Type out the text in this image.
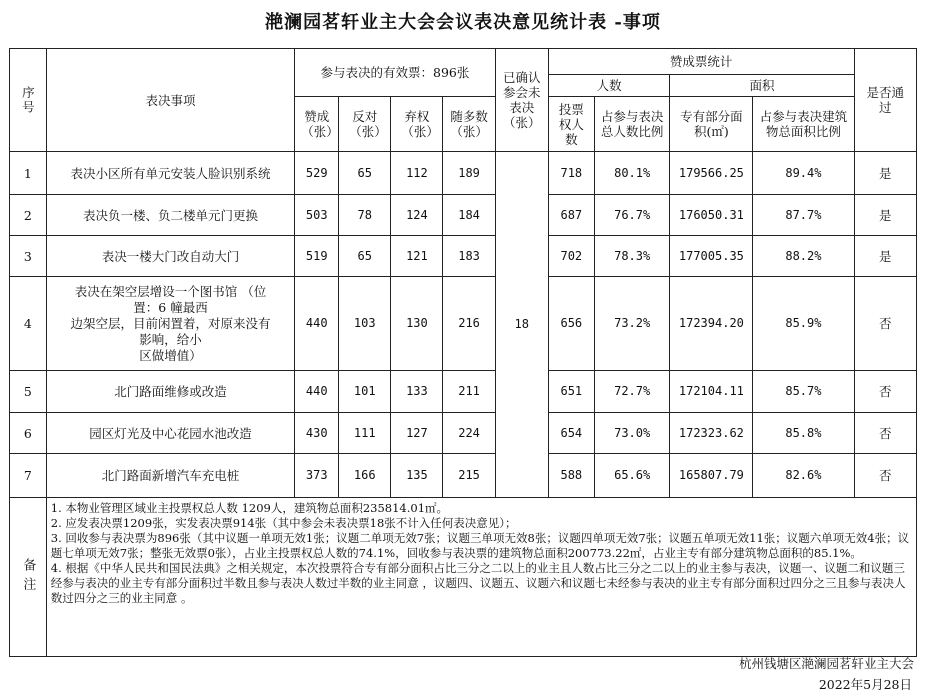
滟澜园茗轩业主大会会议表决意见统计表 -事项
序号	表决事项	参与表决的有效票：896张				已确认参会未表决（张）	赞成票统计				是否通过
							人数		面积		
		赞成（张）	反对（张）	弃权（张）	随多数（张）		投票权人数	占参与表决总人数比例	专有部分面积(㎡)	占参与表决建筑物总面积比例	
1	表决小区所有单元安装人脸识别系统	529	65	112	189	18	718	80.1%	179566.25	89.4%	是
2	表决负一楼、负二楼单元门更换	503	78	124	184		687	76.7%	176050.31	87.7%	是
3	表决一楼大门改自动大门	519	65	121	183		702	78.3%	177005.35	88.2%	是
4	表决在架空层增设一个图书馆 （位
置：6 幢最西
边架空层，目前闲置着，对原来没有
影响，给小
区做增值）	440	103	130	216		656	73.2%	172394.20	85.9%	否
5	北门路面维修或改造	440	101	133	211		651	72.7%	172104.11	85.7%	否
6	园区灯光及中心花园水池改造	430	111	127	224		654	73.0%	172323.62	85.8%	否
7	北门路面新增汽车充电桩	373	166	135	215		588	65.6%	165807.79	82.6%	否
备注	1. 本物业管理区域业主投票权总人数 1209人，建筑物总面积235814.01㎡。
2. 应发表决票1209张，实发表决票914张（其中参会未表决票18张不计入任何表决意见）；
3. 回收参与表决票为896张（其中议题一单项无效1张；议题二单项无效7张；议题三单项无效8张；议题四单项无效7张；议题五单项无效11张；议题六单项无效4张；议题七单项无效7张；整张无效票0张），占业主投票权总人数的74.1%，回收参与表决票的建筑物总面积200773.22㎡，占业主专有部分建筑物总面积的85.1%。
4. 根据《中华人民共和国民法典》之相关规定，本次投票符合专有部分面积占比三分之二以上的业主且人数占比三分之二以上的业主参与表决，议题一、议题二和议题三经参与表决的业主专有部分面积过半数且参与表决人数过半数的业主同意 ，议题四、议题五、议题六和议题七未经参与表决的业主专有部分面积过四分之三且参与表决人数过四分之三的业主同意 。										
杭州钱塘区滟澜园茗轩业主大会
2022年5月28日
